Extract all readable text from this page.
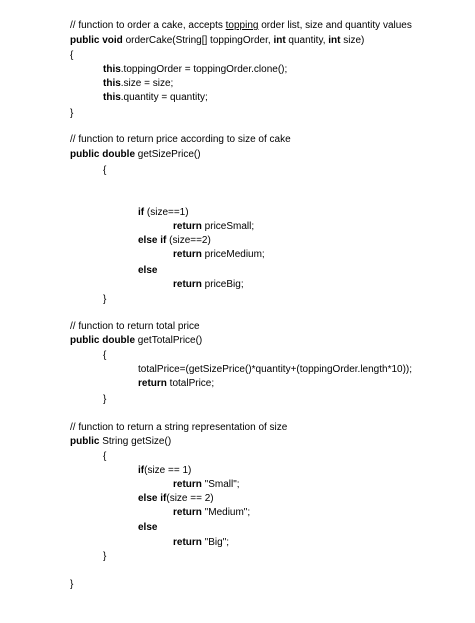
// function to order a cake, accepts topping order list, size and quantity values
public void orderCake(String[] toppingOrder, int quantity, int size)
{
this.toppingOrder = toppingOrder.clone();
this.size = size;
this.quantity = quantity;
}
// function to return price according to size of cake
public double getSizePrice()
{
if (size==1)
return priceSmall;
else if (size==2)
return priceMedium;
else
return priceBig;
}
// function to return total price
public double getTotalPrice()
{
totalPrice=(getSizePrice()*quantity+(toppingOrder.length*10));
return totalPrice;
}
// function to return a string representation of size
public String getSize()
{
if(size == 1)
return "Small";
else if(size == 2)
return "Medium";
else
return "Big";
}
}
